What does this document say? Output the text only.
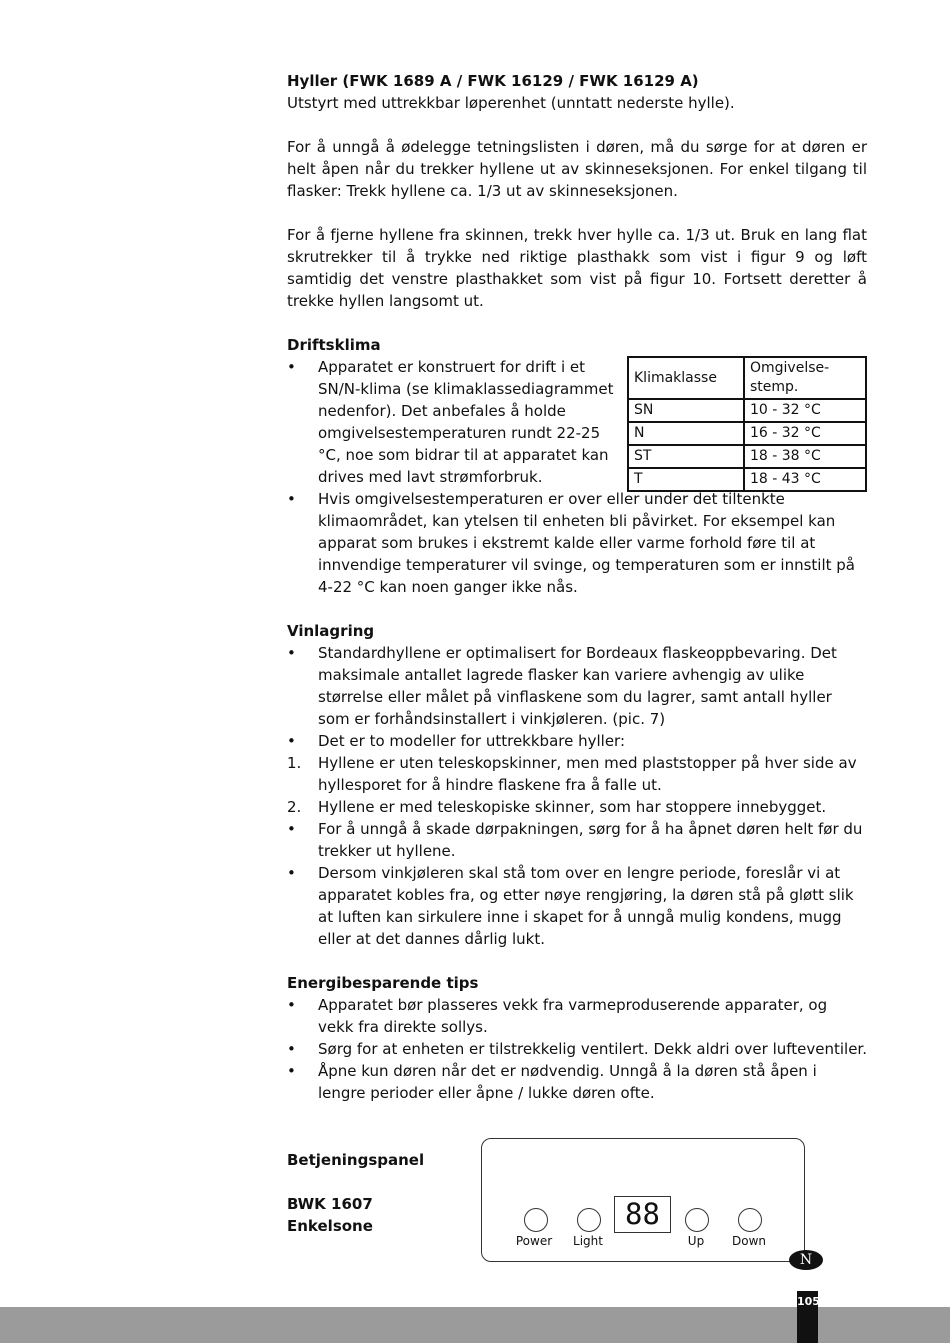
Hyller (FWK 1689 A / FWK 16129 / FWK 16129 A)

Utstyrt med uttrekkbar løperenhet (unntatt nederste hylle).

For å unngå å ødelegge tetningslisten i døren, må du sørge for at døren er helt åpen når du trekker hyllene ut av skinneseksjonen. For enkel tilgang til flasker: Trekk hyllene ca. 1/3 ut av skinneseksjonen.

For å fjerne hyllene fra skinnen, trekk hver hylle ca. 1/3 ut. Bruk en lang flat skrutrekker til å trykke ned riktige plasthakk som vist i figur 9 og løft samtidig det venstre plasthakket som vist på figur 10. Fortsett deretter å trekke hyllen langsomt ut.

Driftsklima

Klimaklasse	Omgivelse-stemp.
SN	10 - 32 °C
N	16 - 32 °C
ST	18 - 38 °C
T	18 - 43 °C
• Apparatet er konstruert for drift i et SN/N-klima (se klimaklassediagrammet nedenfor). Det anbefales å holde omgivelsestemperaturen rundt 22-25 °C, noe som bidrar til at apparatet kan drives med lavt strømforbruk.
• Hvis omgivelsestemperaturen er over eller under det tiltenkte klimaområdet, kan ytelsen til enheten bli påvirket. For eksempel kan apparat som brukes i ekstremt kalde eller varme forhold føre til at innvendige temperaturer vil svinge, og temperaturen som er innstilt på 4-22 °C kan noen ganger ikke nås.

Vinlagring

• Standardhyllene er optimalisert for Bordeaux flaskeoppbevaring. Det maksimale antallet lagrede flasker kan variere avhengig av ulike størrelse eller målet på vinflaskene som du lagrer, samt antall hyller som er forhåndsinstallert i vinkjøleren. (pic. 7)
• Det er to modeller for uttrekkbare hyller:
1. Hyllene er uten teleskopskinner, men med plaststopper på hver side av hyllesporet for å hindre flaskene fra å falle ut.
2. Hyllene er med teleskopiske skinner, som har stoppere innebygget.
• For å unngå å skade dørpakningen, sørg for å ha åpnet døren helt før du trekker ut hyllene.
• Dersom vinkjøleren skal stå tom over en lengre periode, foreslår vi at apparatet kobles fra, og etter nøye rengjøring, la døren stå på gløtt slik at luften kan sirkulere inne i skapet for å unngå mulig kondens, mugg eller at det dannes dårlig lukt.

Energibesparende tips

• Apparatet bør plasseres vekk fra varmeproduserende apparater, og vekk fra direkte sollys.
• Sørg for at enheten er tilstrekkelig ventilert. Dekk aldri over lufteventiler.
• Åpne kun døren når det er nødvendig. Unngå å la døren stå åpen i lengre perioder eller åpne / lukke døren ofte.

Betjeningspanel

BWK 1607

Enkelsone

Power	Light
88
Up	Down
N
105
